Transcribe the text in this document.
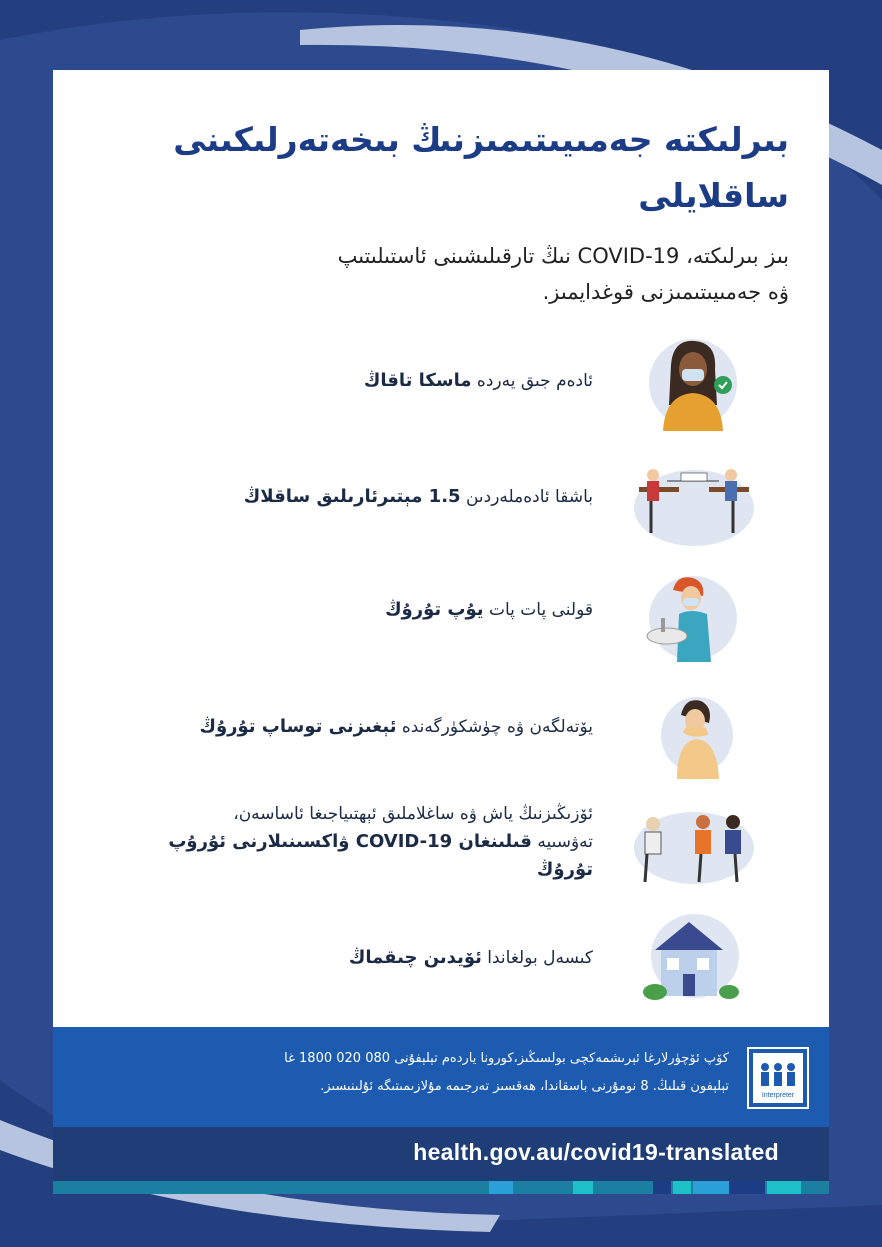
بىرلىكتە جەمىيىتىمىزنىڭ بىخەتەرلىكىنى ساقلايلى
بىز بىرلىكتە، COVID-19 نىڭ تارقىلىشىنى ئاستىلىتىپ
ۋە جەمىيىتىمىزنى قوغدايمىز.
ئادەم جىق يەردە ماسكا تاقاڭ
باشقا ئادەملەردىن 1.5 مېتىرئارىلىق ساقلاڭ
قولنى پات پات يۇپ تۇرۇڭ
يۆتەلگەن ۋە چۈشكۈرگەندە ئېغىزنى توساپ تۇرۇڭ
ئۆزىڭىزنىڭ ياش ۋە ساغلاملىق ئېھتىياجىغا ئاساسەن،
تەۋسىيە قىلىنغان COVID-19 ۋاكسىنىلارنى ئۇرۇپ تۇرۇڭ
كىسەل بولغاندا ئۆيدىن چىقماڭ
كۆپ ئۆچۈرلارغا ئېرىشمەكچى بولسىڭىز،كورونا ياردەم تېلېفۇنى 080 020 1800 غا
تېلېفون قىلىڭ. 8 نومۇرنى باسقاندا، ھەقسىز تەرجىمە مۇلازىمىتىگە ئۇلىنىسىز.
Interpreter
health.gov.au/covid19-translated
